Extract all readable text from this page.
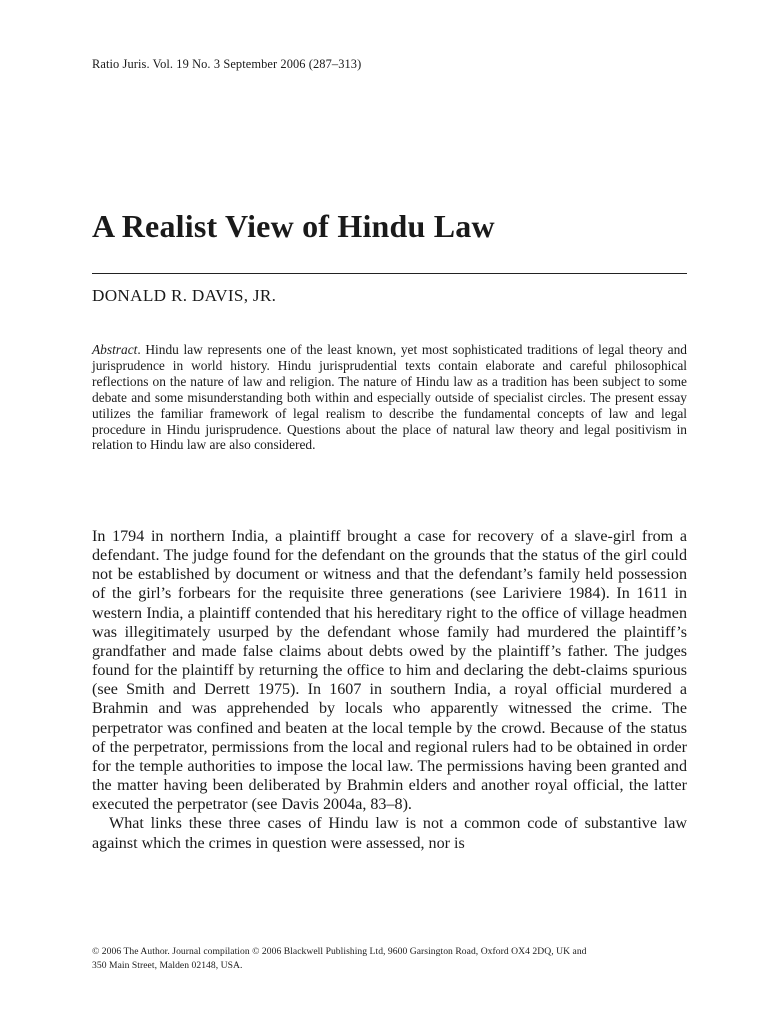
Ratio Juris. Vol. 19 No. 3 September 2006 (287–313)
A Realist View of Hindu Law
DONALD R. DAVIS, JR.
Abstract. Hindu law represents one of the least known, yet most sophisticated traditions of legal theory and jurisprudence in world history. Hindu jurisprudential texts contain elaborate and careful philosophical reflections on the nature of law and religion. The nature of Hindu law as a tradition has been subject to some debate and some misunderstanding both within and especially outside of specialist circles. The present essay utilizes the familiar framework of legal realism to describe the fundamental concepts of law and legal procedure in Hindu jurisprudence. Questions about the place of natural law theory and legal positivism in relation to Hindu law are also considered.

In 1794 in northern India, a plaintiff brought a case for recovery of a slave-girl from a defendant. The judge found for the defendant on the grounds that the status of the girl could not be established by document or witness and that the defendant’s family held possession of the girl’s forbears for the requisite three generations (see Lariviere 1984). In 1611 in western India, a plaintiff contended that his hereditary right to the office of village headmen was illegitimately usurped by the defendant whose family had murdered the plaintiff’s grandfather and made false claims about debts owed by the plaintiff’s father. The judges found for the plaintiff by returning the office to him and declaring the debt-claims spurious (see Smith and Derrett 1975). In 1607 in southern India, a royal official murdered a Brahmin and was apprehended by locals who apparently witnessed the crime. The perpetrator was confined and beaten at the local temple by the crowd. Because of the status of the perpetrator, permissions from the local and regional rulers had to be obtained in order for the temple authorities to impose the local law. The permissions having been granted and the matter having been deliberated by Brahmin elders and another royal official, the latter executed the perpetrator (see Davis 2004a, 83–8).

What links these three cases of Hindu law is not a common code of substantive law against which the crimes in question were assessed, nor is

© 2006 The Author. Journal compilation © 2006 Blackwell Publishing Ltd, 9600 Garsington Road, Oxford OX4 2DQ, UK and
350 Main Street, Malden 02148, USA.
